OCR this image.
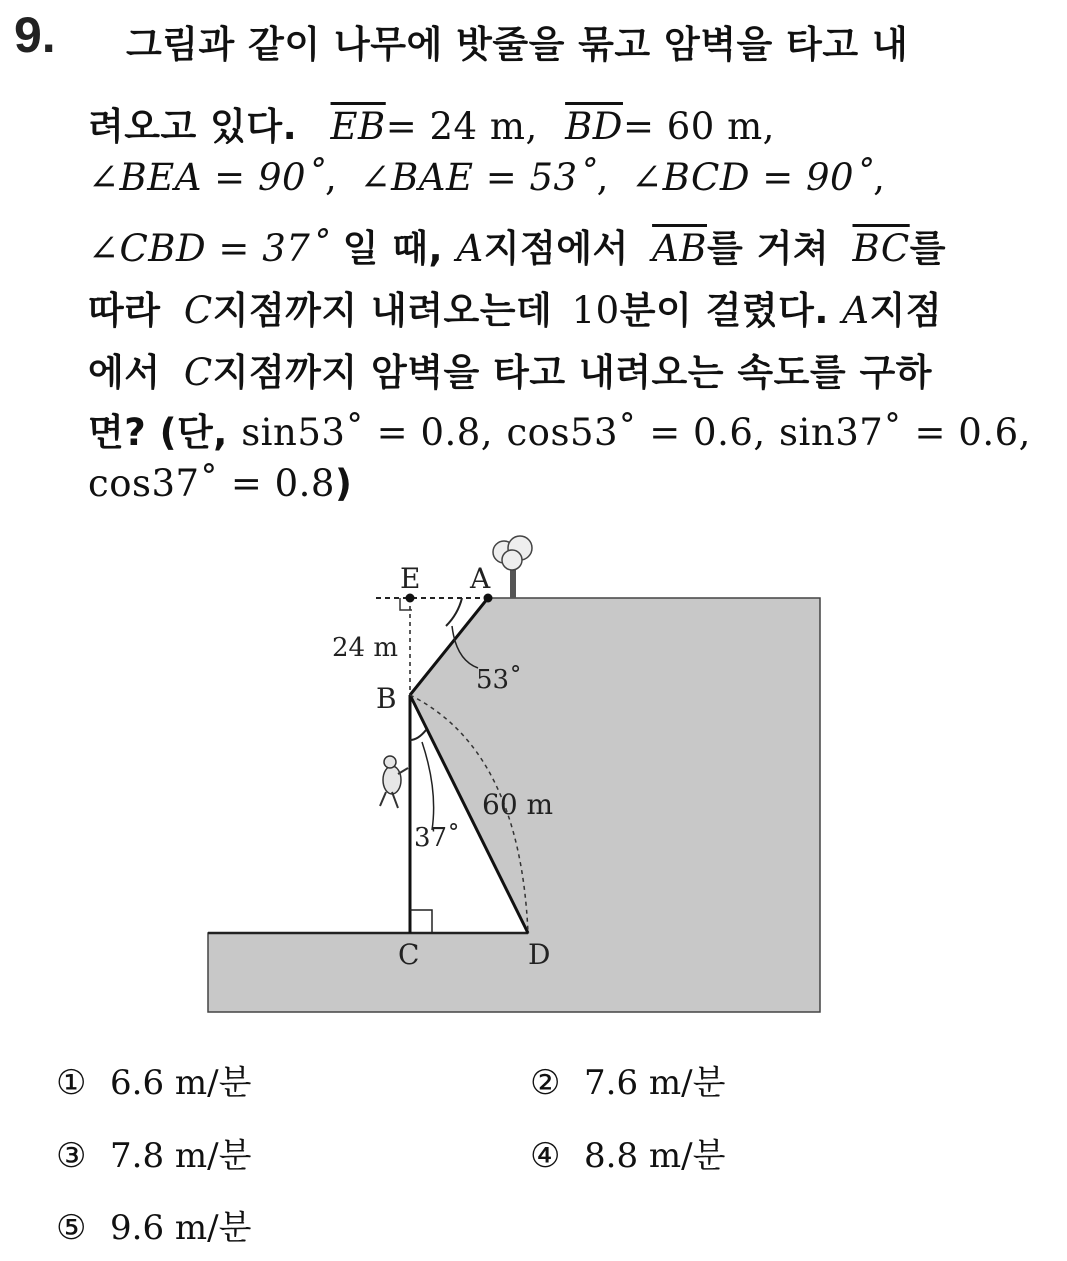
9. 그림과 같이 나무에 밧줄을 묶고 암벽을 타고 내
려오고 있다. $\overline{EB}= 24$ m, $\overline{BD}= 60$ m,
∠BEA = 90˚, ∠BAE = 53˚, ∠BCD = 90˚,
∠CBD = 37˚ 일 때, A지점에서 $\overline{AB}$를 거쳐 $\overline{BC}$를
따라 C지점까지 내려오는데 10분이 걸렸다. A지점
에서 C지점까지 암벽을 타고 내려오는 속도를 구하
면? (단, sin53˚ = 0.8, cos53˚ = 0.6, sin37˚ = 0.6,
cos37˚ = 0.8)
E A
24 m
53˚
B
60 m
37˚
C	D
① 6.6 m/분	② 7.6 m/분
③ 7.8 m/분	④ 8.8 m/분
⑤ 9.6 m/분
